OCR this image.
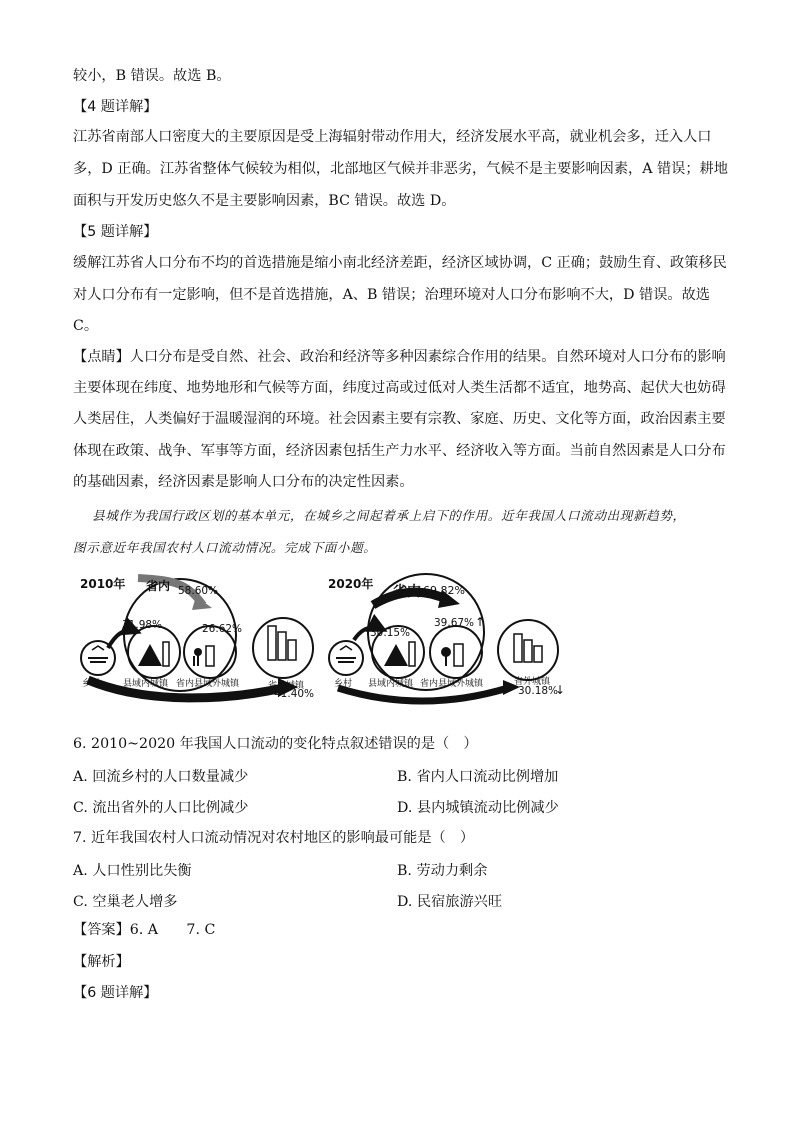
较小，B 错误。故选 B。
【4 题详解】
江苏省南部人口密度大的主要原因是受上海辐射带动作用大，经济发展水平高，就业机会多，迁入人口
多，D 正确。江苏省整体气候较为相似，北部地区气候并非恶劣，气候不是主要影响因素，A 错误；耕地
面积与开发历史悠久不是主要影响因素，BC 错误。故选 D。
【5 题详解】
缓解江苏省人口分布不均的首选措施是缩小南北经济差距，经济区域协调，C 正确；鼓励生育、政策移民
对人口分布有一定影响，但不是首选措施，A、B 错误；治理环境对人口分布影响不大，D 错误。故选
C。
【点睛】人口分布是受自然、社会、政治和经济等多种因素综合作用的结果。自然环境对人口分布的影响
主要体现在纬度、地势地形和气候等方面，纬度过高或过低对人类生活都不适宜，地势高、起伏大也妨碍
人类居住，人类偏好于温暖湿润的环境。社会因素主要有宗教、家庭、历史、文化等方面，政治因素主要
体现在政策、战争、军事等方面，经济因素包括生产力水平、经济收入等方面。当前自然因素是人口分布
的基础因素，经济因素是影响人口分布的决定性因素。
县城作为我国行政区划的基本单元，在城乡之间起着承上启下的作用。近年我国人口流动出现新趋势，
图示意近年我国农村人口流动情况。完成下面小题。
2010年	2020年
省内	省内
58.60%
31.98%	26.62%
41.40%
69.82%
30.15%
39.67% ↑
30.18%
↓
乡村	县域内城镇 省内县域外城镇	省外城镇	乡村 县域内城镇 省内县域外城镇	省外城镇
6. 2010~2020 年我国人口流动的变化特点叙述错误的是（　）
A. 回流乡村的人口数量减少	B. 省内人口流动比例增加
C. 流出省外的人口比例减少	D. 县内城镇流动比例减少
7. 近年我国农村人口流动情况对农村地区的影响最可能是（　）
A. 人口性别比失衡	B. 劳动力剩余
C. 空巢老人增多	D. 民宿旅游兴旺
【答案】6. A　　7. C
【解析】
【6 题详解】
